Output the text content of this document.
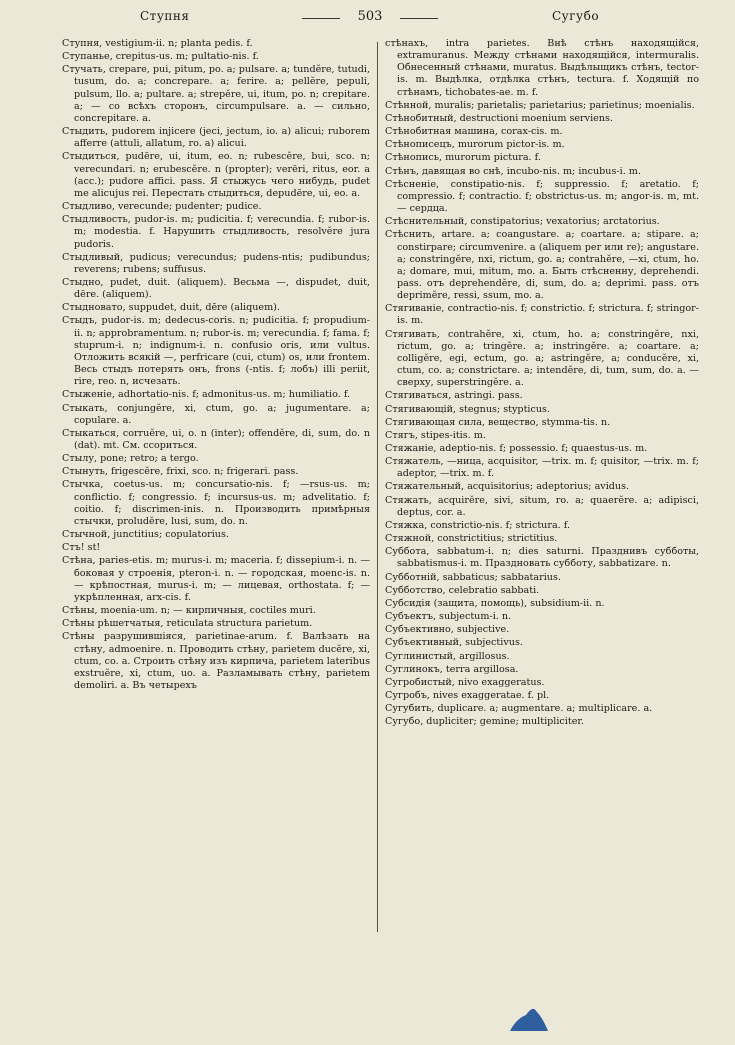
Ступня	503	Сугубо
Ступня, vestigium-ii. n; planta pedis. f.
Ступанье, crepitus-us. m; pultatio-nis. f.
Стучать, crepare, pui, pitum, po. a; pulsare. a; tundĕre, tutudi, tusum, do. a; concrepare. a; ferire. a; pellĕre, pepuli, pulsum, llo. a; pultare. a; strepĕre, ui, itum, po. n; crepitare. a; — со всѣхъ сторонъ, circumpulsare. a. — сильно, concrepitare. a.
Стыдить, pudorem injicere (jeci, jectum, io. a) alicui; ruborem afferre (attuli, allatum, ro. a) alicui.
Стыдиться, pudēre, ui, itum, eo. n; rubescĕre, bui, sco. n; verecundari. n; erubescĕre. n (propter); verēri, ritus, eor. a (acc.); pudore affici. pass. Я стыжусь чего нибудь, pudet me alicujus rei. Перестать стыдиться, depudēre, ui, eo. a.
Стыдливо, verecunde; pudenter; pudice.
Стыдливость, pudor-is. m; pudicitia. f; verecundia. f; rubor-is. m; modestia. f. Нарушить стыдливость, resolvĕre jura pudoris.
Стыдливый, pudicus; verecundus; pudens-ntis; pudibundus; reverens; rubens; suffusus.
Стыдно, pudet, duit. (aliquem). Весьма —, dispudet, duit, dēre. (aliquem).
Стыдновато, suppudet, duit, dēre (aliquem).
Стыдъ, pudor-is. m; dedecus-coris. n; pudicitia. f; propudium-ii. n; approbramentum. n; rubor-is. m; verecundia. f; fama. f; stuprum-i. n; indignum-i. n. confusio oris, или vultus. Отложить всякій —, perfricare (cui, ctum) os, или frontem. Весь стыдъ потерять онъ, frons (-ntis. f; лобъ) illi periit, rire, reo. n, исчезать.
Стыженіе, adhortatio-nis. f; admonitus-us. m; humiliatio. f.
Стыкать, conjungĕre, xi, ctum, go. a; jugumentare. a; copulare. a.
Стыкаться, corruĕre, ui, o. n (inter); offendĕre, di, sum, do. n (dat). mt. См. ссориться.
Стылу, pone; retro; a tergo.
Стынуть, frigescĕre, frixi, sco. n; frigerari. pass.
Стычка, coetus-us. m; concursatio-nis. f; —rsus-us. m; conflictio. f; congressio. f; incursus-us. m; advelitatio. f; coitio. f; discrimen-inis. n. Производить примѣрныя стычки, proludĕre, lusi, sum, do. n.
Стычной, junctitius; copulatorius.
Стъ! st!
Стѣна, paries-etis. m; murus-i. m; maceria. f; dissepium-i. n. — боковая у строенія, pteron-i. n. — городская, moenc-is. n. — крѣпостная, murus-i. m; — лицевая, orthostata. f; — укрѣпленная, arx-cis. f.
Стѣны, moenia-um. n; — кирпичныя, coctiles muri.
Стѣны рѣшетчатыя, reticulata structura parietum.
Стѣны разрушившіяся, parietinae-arum. f. Валѣзать на стѣну, admoenire. n. Проводить стѣну, parietem ducĕre, xi, ctum, co. a. Строить стѣну изъ кирпича, parietem lateribus exstruĕre, xi, ctum, uo. a. Разламывать стѣну, parietem demoliri. a. Въ четырехъ
стѣнахъ, intra parietes. Внѣ стѣнъ находящійся, extramuranus. Между стѣнами находящійся, intermuralis. Обнесенный стѣнами, muratus. Выдѣлыщикъ стѣнъ, tector-is. m. Выдѣлка, отдѣлка стѣнъ, tectura. f. Ходящій по стѣнамъ, tichobates-ae. m. f.
Стѣнной, muralis; parietalis; parietarius; parietinus; moenialis.
Стѣнобитный, destructioni moenium serviens.
Стѣнобитная машина, corax-cis. m.
Стѣнописецъ, murorum pictor-is. m.
Стѣнопись, murorum pictura. f.
Стѣнъ, давящая во снѣ, incubo-nis. m; incubus-i. m.
Стѣсненіе, constipatio-nis. f; suppressio. f; aretatio. f; compressio. f; contractio. f; obstrictus-us. m; angor-is. m, mt. — сердца.
Стѣснительный, constipatorius; vexatorius; arctatorius.
Стѣснить, artare. a; coangustare. a; coartare. a; stipare. a; constirpare; circumvenire. a (aliquem per или re); angustare. a; constringĕre, nxi, rictum, go. a; contrahĕre, —xi, ctum, ho. a; domare, mui, mitum, mo. a. Быть стѣсненну, deprehendi. pass. отъ deprehendĕre, di, sum, do. a; deprimi. pass. отъ deprimĕre, ressi, ssum, mo. a.
Стягиваніе, contractio-nis. f; constrictio. f; strictura. f; stringor-is. m.
Стягивать, contrahĕre, xi, ctum, ho. a; constringĕre, nxi, rictum, go. a; tringĕre. a; instringĕre. a; coartare. a; colligĕre, egi, ectum, go. a; astringĕre, a; conducĕre, xi, ctum, co. a; constrictare. a; intendĕre, di, tum, sum, do. a. — сверху, superstringĕre. a.
Стягиваться, astringi. pass.
Стягивающій, stegnus; stypticus.
Стягивающая сила, вещество, stymma-tis. n.
Стягъ, stipes-itis. m.
Стяжаніе, adeptio-nis. f; possessio. f; quaestus-us. m.
Стяжатель, —ница, acquisitor, —trix. m. f; quisitor, —trix. m. f; adeptor, —trix. m. f.
Стяжательный, acquisitorius; adeptorius; avidus.
Стяжать, acquirĕre, sivi, situm, ro. a; quaerĕre. a; adipisci, deptus, cor. a.
Стяжка, constrictio-nis. f; strictura. f.
Стяжной, constrictitius; strictitius.
Суббота, sabbatum-i. n; dies saturni. Празднивъ субботы, sabbatismus-i. m. Праздновать субботу, sabbatizare. n.
Субботній, sabbaticus; sabbatarius.
Субботство, celebratio sabbati.
Субсидія (защита, помощь), subsidium-ii. n.
Субъектъ, subjectum-i. n.
Субъективно, subjective.
Субъективный, subjectivus.
Суглинистый, argillosus.
Суглинокъ, terra argillosa.
Сугробистый, nivo exaggeratus.
Сугробъ, nives exaggeratae. f. pl.
Сугубить, duplicare. a; augmentare. a; multiplicare. a.
Сугубо, dupliciter; gemine; multipliciter.
